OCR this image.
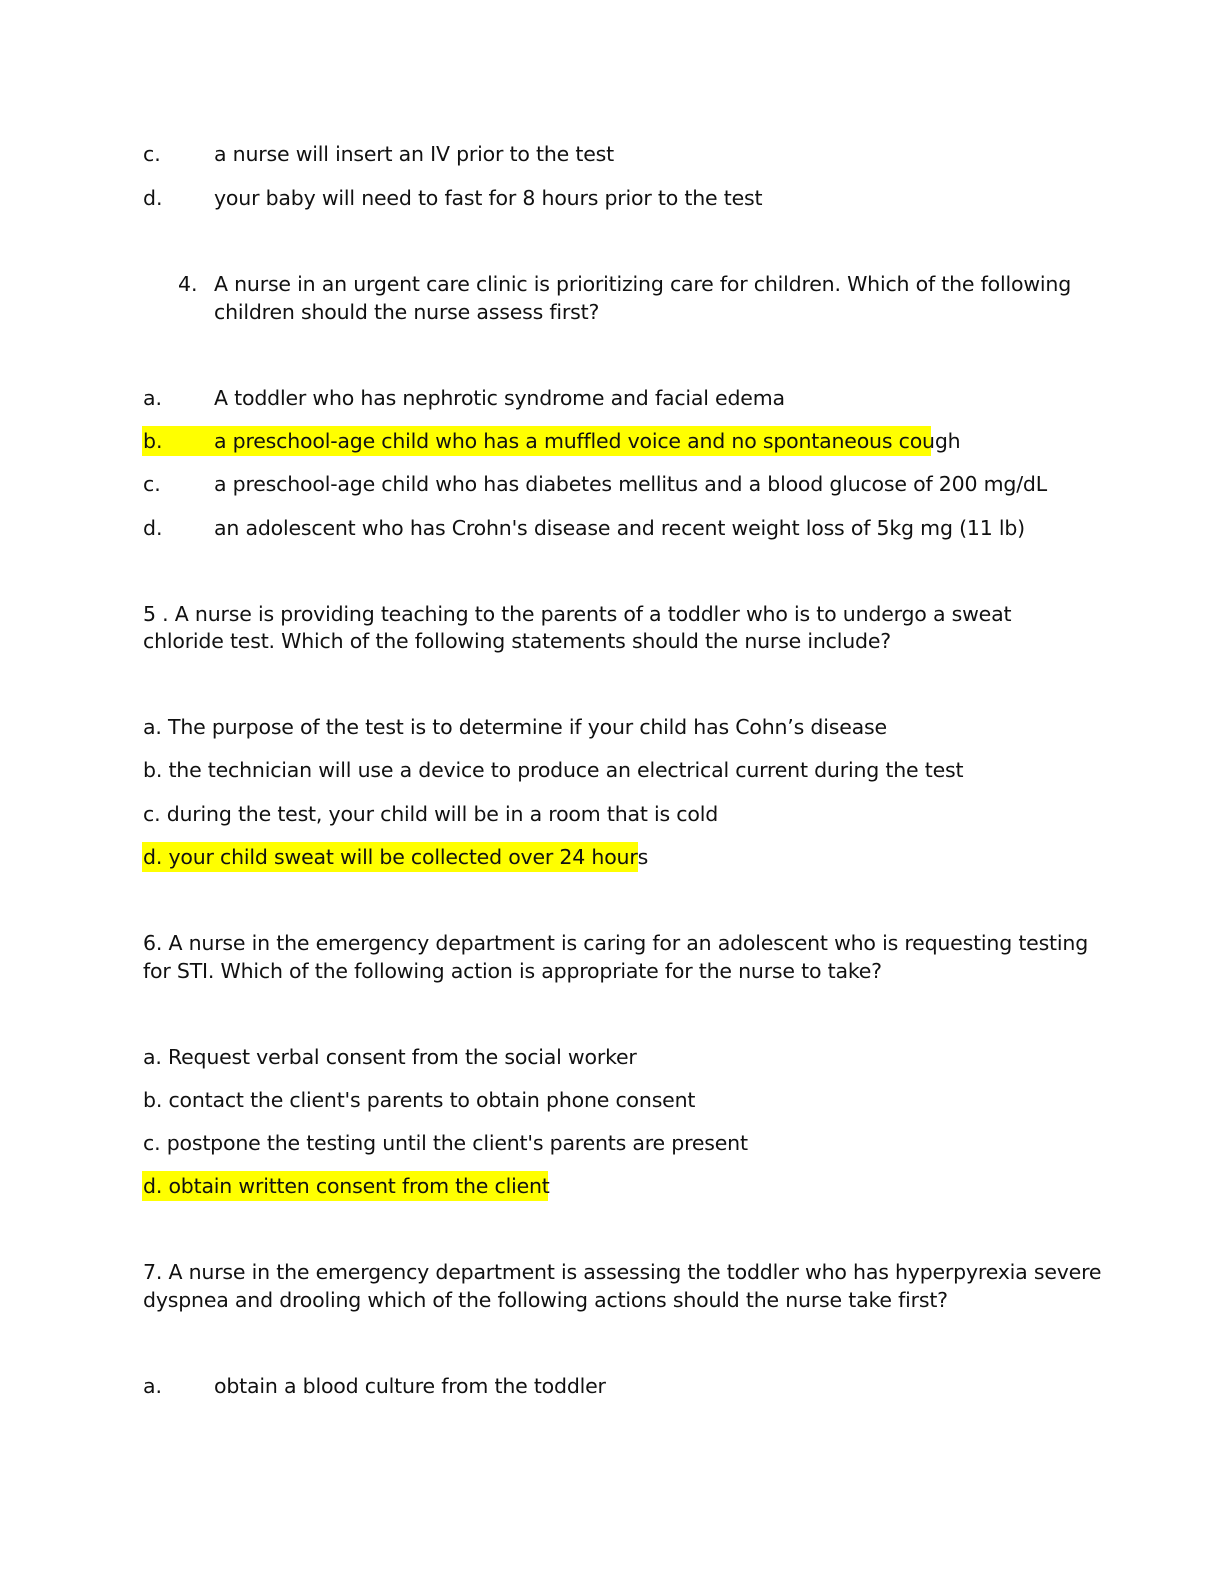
c.	a nurse will insert an IV prior to the test
d.	your baby will need to fast for 8 hours prior to the test
4. A nurse in an urgent care clinic is prioritizing care for children. Which of the following
children should the nurse assess first?
a.	A toddler who has nephrotic syndrome and facial edema
b.	a preschool-age child who has a muffled voice and no spontaneous cough
c.	a preschool-age child who has diabetes mellitus and a blood glucose of 200 mg/dL
d.	an adolescent who has Crohn's disease and recent weight loss of 5kg mg (11 lb)
5 . A nurse is providing teaching to the parents of a toddler who is to undergo a sweat
chloride test. Which of the following statements should the nurse include?
a. The purpose of the test is to determine if your child has Cohn’s disease
b. the technician will use a device to produce an electrical current during the test
c. during the test, your child will be in a room that is cold
d. your child sweat will be collected over 24 hours
6. A nurse in the emergency department is caring for an adolescent who is requesting testing
for STI. Which of the following action is appropriate for the nurse to take?
a. Request verbal consent from the social worker
b. contact the client's parents to obtain phone consent
c. postpone the testing until the client's parents are present
d. obtain written consent from the client
7. A nurse in the emergency department is assessing the toddler who has hyperpyrexia severe
dyspnea and drooling which of the following actions should the nurse take first?
a.	obtain a blood culture from the toddler
